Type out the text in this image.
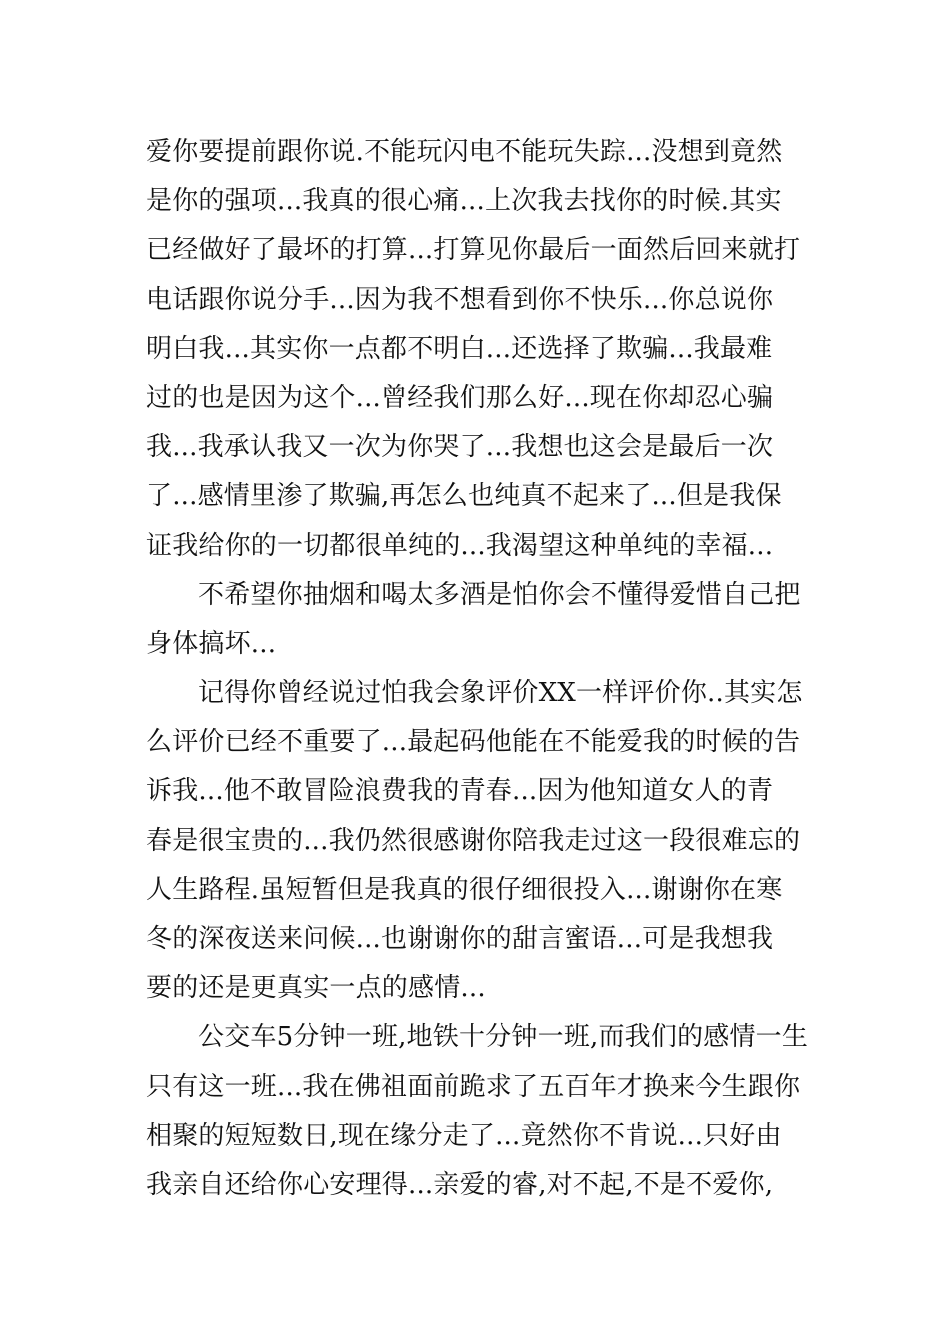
爱你要提前跟你说.不能玩闪电不能玩失踪...没想到竟然
是你的强项...我真的很心痛...上次我去找你的时候.其实
已经做好了最坏的打算...打算见你最后一面然后回来就打
电话跟你说分手...因为我不想看到你不快乐...你总说你
明白我...其实你一点都不明白...还选择了欺骗...我最难
过的也是因为这个...曾经我们那么好...现在你却忍心骗
我...我承认我又一次为你哭了...我想也这会是最后一次
了...感情里渗了欺骗,再怎么也纯真不起来了...但是我保
证我给你的一切都很单纯的...我渴望这种单纯的幸福...
不希望你抽烟和喝太多酒是怕你会不懂得爱惜自己把
身体搞坏...
记得你曾经说过怕我会象评价XX一样评价你..其实怎
么评价已经不重要了...最起码他能在不能爱我的时候的告
诉我...他不敢冒险浪费我的青春...因为他知道女人的青
春是很宝贵的...我仍然很感谢你陪我走过这一段很难忘的
人生路程.虽短暂但是我真的很仔细很投入...谢谢你在寒
冬的深夜送来问候...也谢谢你的甜言蜜语...可是我想我
要的还是更真实一点的感情...
公交车5分钟一班,地铁十分钟一班,而我们的感情一生
只有这一班...我在佛祖面前跪求了五百年才换来今生跟你
相聚的短短数日,现在缘分走了...竟然你不肯说...只好由
我亲自还给你心安理得...亲爱的睿,对不起,不是不爱你,
